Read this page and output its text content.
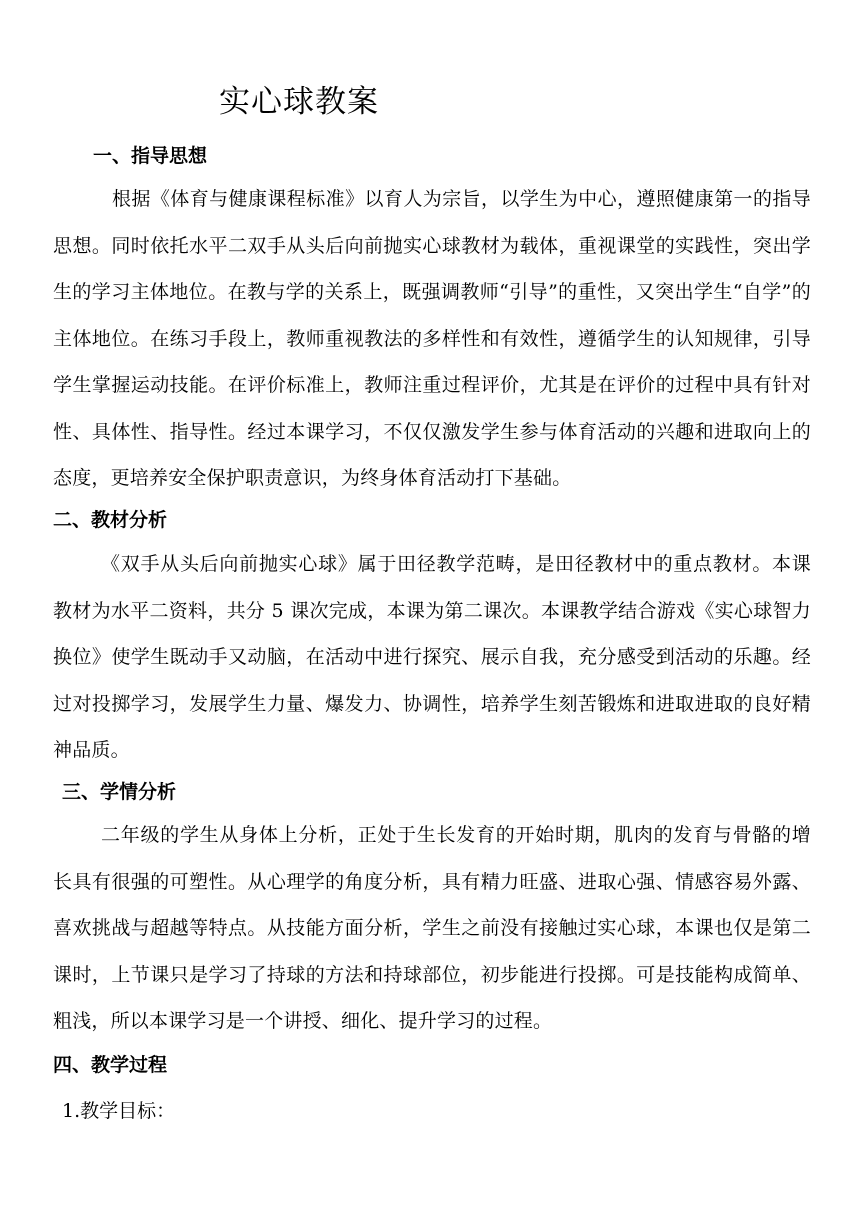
实心球教案
一、指导思想

根据《体育与健康课程标准》以育人为宗旨，以学生为中心，遵照健康第一的指导思想。同时依托水平二双手从头后向前抛实心球教材为载体，重视课堂的实践性，突出学生的学习主体地位。在教与学的关系上，既强调教师“引导”的重性，又突出学生“自学”的主体地位。在练习手段上，教师重视教法的多样性和有效性，遵循学生的认知规律，引导学生掌握运动技能。在评价标准上，教师注重过程评价，尤其是在评价的过程中具有针对性、具体性、指导性。经过本课学习，不仅仅激发学生参与体育活动的兴趣和进取向上的态度，更培养安全保护职责意识，为终身体育活动打下基础。

二、教材分析

《双手从头后向前抛实心球》属于田径教学范畴，是田径教材中的重点教材。本课教材为水平二资料，共分 5 课次完成，本课为第二课次。本课教学结合游戏《实心球智力换位》使学生既动手又动脑，在活动中进行探究、展示自我，充分感受到活动的乐趣。经过对投掷学习，发展学生力量、爆发力、协调性，培养学生刻苦锻炼和进取进取的良好精神品质。

三、学情分析

二年级的学生从身体上分析，正处于生长发育的开始时期，肌肉的发育与骨骼的增长具有很强的可塑性。从心理学的角度分析，具有精力旺盛、进取心强、情感容易外露、喜欢挑战与超越等特点。从技能方面分析，学生之前没有接触过实心球，本课也仅是第二课时，上节课只是学习了持球的方法和持球部位，初步能进行投掷。可是技能构成简单、粗浅，所以本课学习是一个讲授、细化、提升学习的过程。

四、教学过程

1.教学目标：
